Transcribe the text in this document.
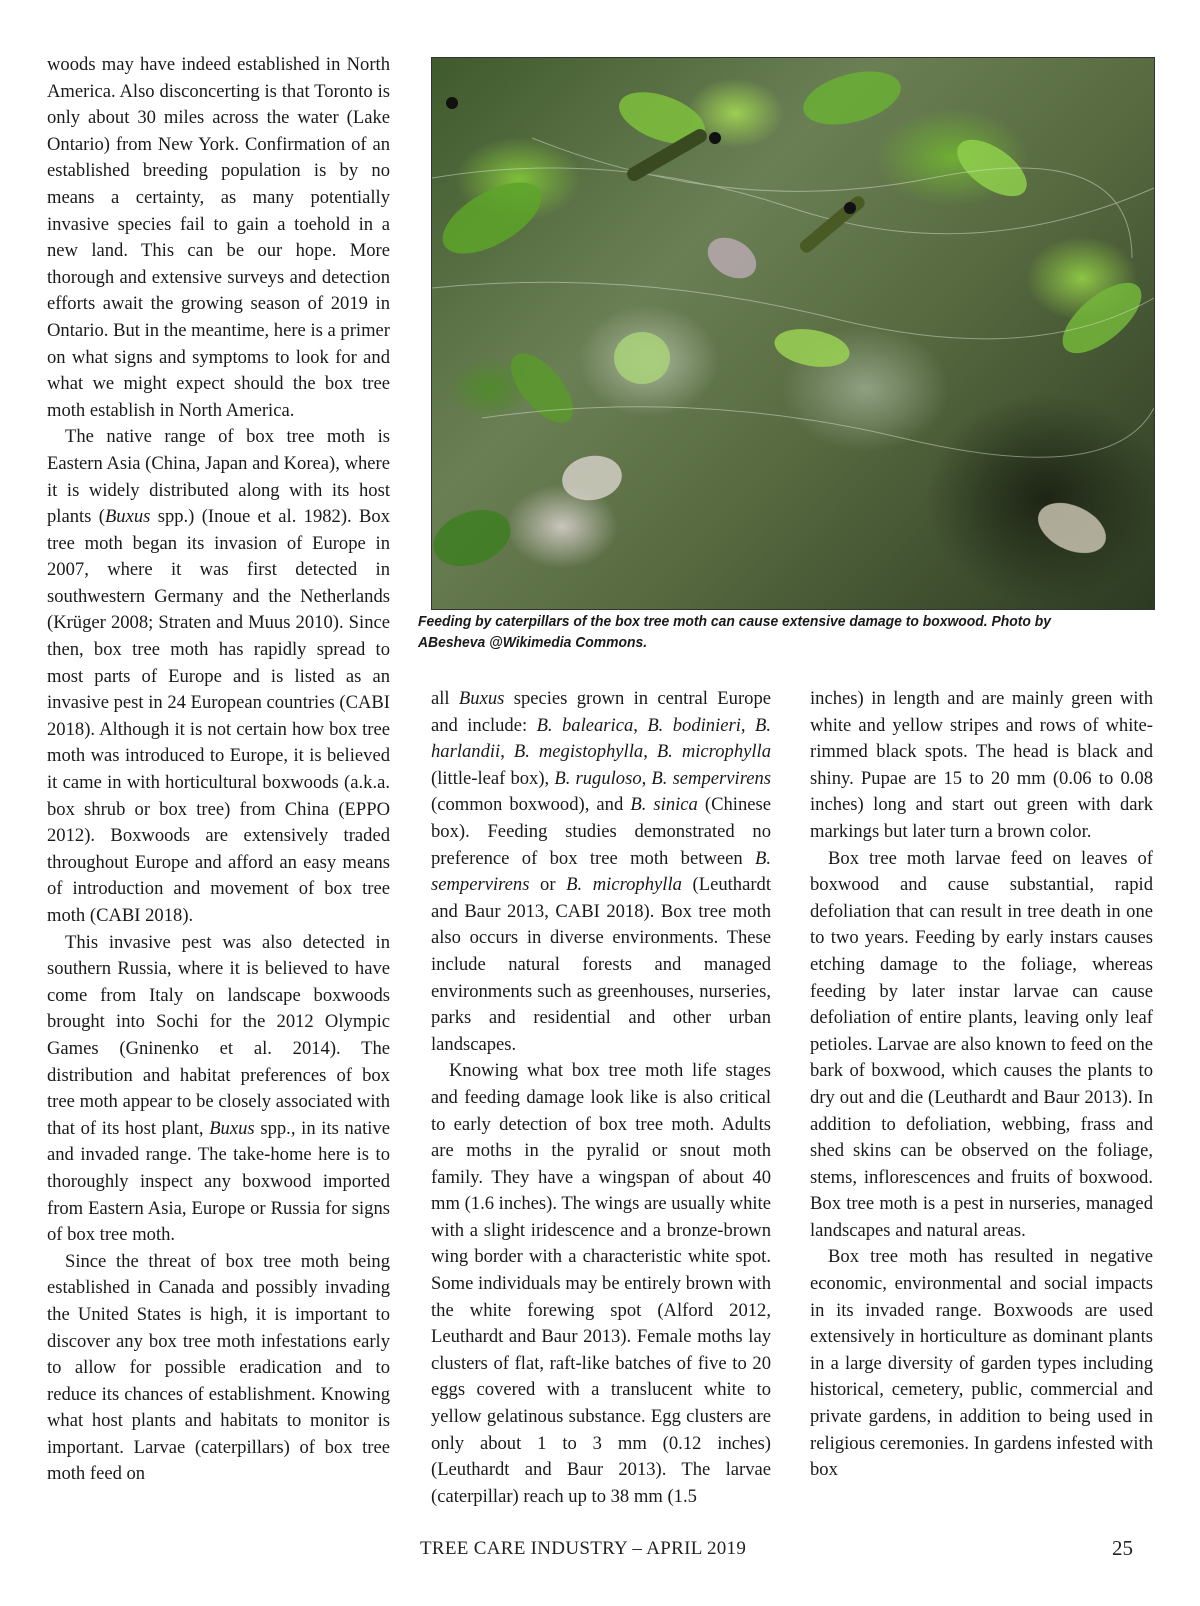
woods may have indeed established in North America. Also disconcerting is that Toronto is only about 30 miles across the water (Lake Ontario) from New York. Confirmation of an established breeding population is by no means a certainty, as many potentially invasive species fail to gain a toehold in a new land. This can be our hope. More thorough and extensive surveys and detection efforts await the growing season of 2019 in Ontario. But in the meantime, here is a primer on what signs and symptoms to look for and what we might expect should the box tree moth establish in North America.

The native range of box tree moth is Eastern Asia (China, Japan and Korea), where it is widely distributed along with its host plants (Buxus spp.) (Inoue et al. 1982). Box tree moth began its invasion of Europe in 2007, where it was first detected in southwestern Germany and the Netherlands (Krüger 2008; Straten and Muus 2010). Since then, box tree moth has rapidly spread to most parts of Europe and is listed as an invasive pest in 24 European countries (CABI 2018). Although it is not certain how box tree moth was introduced to Europe, it is believed it came in with horticultural boxwoods (a.k.a. box shrub or box tree) from China (EPPO 2012). Boxwoods are extensively traded throughout Europe and afford an easy means of introduction and movement of box tree moth (CABI 2018).

This invasive pest was also detected in southern Russia, where it is believed to have come from Italy on landscape boxwoods brought into Sochi for the 2012 Olympic Games (Gninenko et al. 2014). The distribution and habitat preferences of box tree moth appear to be closely associated with that of its host plant, Buxus spp., in its native and invaded range. The take-home here is to thoroughly inspect any boxwood imported from Eastern Asia, Europe or Russia for signs of box tree moth.

Since the threat of box tree moth being established in Canada and possibly invading the United States is high, it is important to discover any box tree moth infestations early to allow for possible eradication and to reduce its chances of establishment. Knowing what host plants and habitats to monitor is important. Larvae (caterpillars) of box tree moth feed on

Feeding by caterpillars of the box tree moth can cause extensive damage to boxwood. Photo by ABesheva @Wikimedia Commons.

all Buxus species grown in central Europe and include: B. balearica, B. bodinieri, B. harlandii, B. megistophylla, B. microphylla (little-leaf box), B. ruguloso, B. sempervirens (common boxwood), and B. sinica (Chinese box). Feeding studies demonstrated no preference of box tree moth between B. sempervirens or B. microphylla (Leuthardt and Baur 2013, CABI 2018). Box tree moth also occurs in diverse environments. These include natural forests and managed environments such as greenhouses, nurseries, parks and residential and other urban landscapes.

Knowing what box tree moth life stages and feeding damage look like is also critical to early detection of box tree moth. Adults are moths in the pyralid or snout moth family. They have a wingspan of about 40 mm (1.6 inches). The wings are usually white with a slight iridescence and a bronze-brown wing border with a characteristic white spot. Some individuals may be entirely brown with the white forewing spot (Alford 2012, Leuthardt and Baur 2013). Female moths lay clusters of flat, raft-like batches of five to 20 eggs covered with a translucent white to yellow gelatinous substance. Egg clusters are only about 1 to 3 mm (0.12 inches) (Leuthardt and Baur 2013). The larvae (caterpillar) reach up to 38 mm (1.5

inches) in length and are mainly green with white and yellow stripes and rows of white-rimmed black spots. The head is black and shiny. Pupae are 15 to 20 mm (0.06 to 0.08 inches) long and start out green with dark markings but later turn a brown color.

Box tree moth larvae feed on leaves of boxwood and cause substantial, rapid defoliation that can result in tree death in one to two years. Feeding by early instars causes etching damage to the foliage, whereas feeding by later instar larvae can cause defoliation of entire plants, leaving only leaf petioles. Larvae are also known to feed on the bark of boxwood, which causes the plants to dry out and die (Leuthardt and Baur 2013). In addition to defoliation, webbing, frass and shed skins can be observed on the foliage, stems, inflorescences and fruits of boxwood. Box tree moth is a pest in nurseries, managed landscapes and natural areas.

Box tree moth has resulted in negative economic, environmental and social impacts in its invaded range. Boxwoods are used extensively in horticulture as dominant plants in a large diversity of garden types including historical, cemetery, public, commercial and private gardens, in addition to being used in religious ceremonies. In gardens infested with box

TREE CARE INDUSTRY – APRIL 2019	25
